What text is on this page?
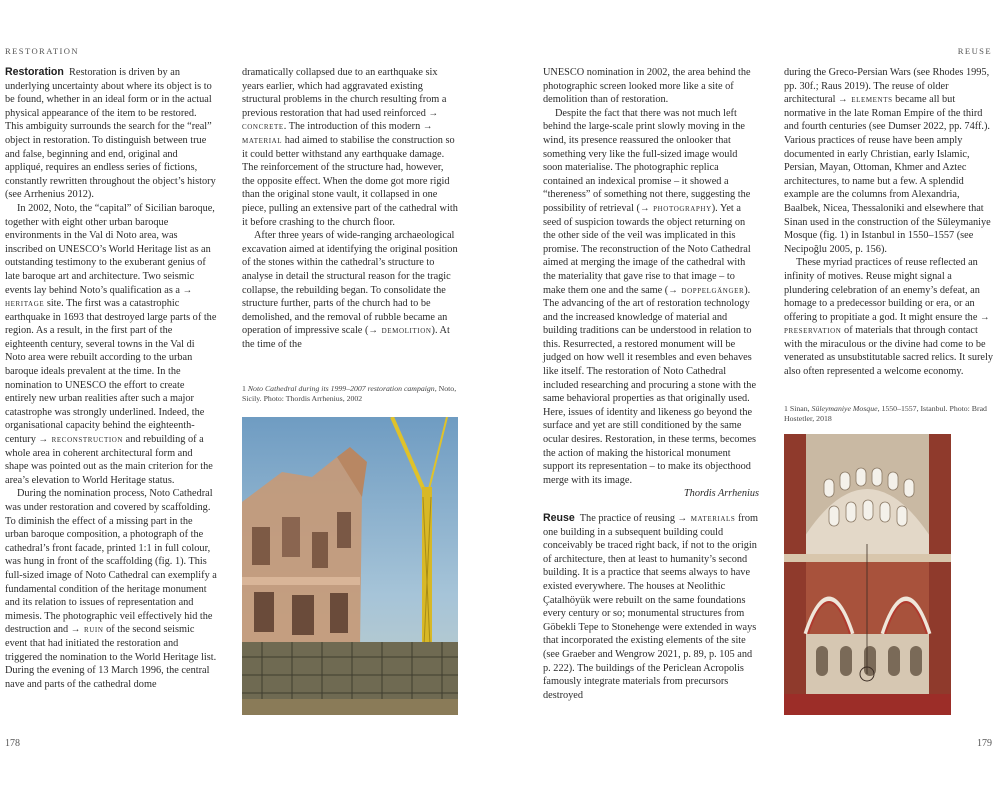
RESTORATION	REUSE

Restoration Restoration is driven by an underlying uncertainty about where its object is to be found, whether in an ideal form or in the actual physical appearance of the item to be restored. This ambiguity surrounds the search for the “real” object in restoration. To distinguish between true and false, beginning and end, original and appliqué, requires an endless series of fictions, constantly rewritten throughout the object’s history (see Arrhenius 2012).

In 2002, Noto, the “capital” of Sicilian baroque, together with eight other urban baroque environments in the Val di Noto area, was inscribed on UNESCO’s World Heritage list as an outstanding testimony to the exuberant genius of late baroque art and architecture. Two seismic events lay behind Noto’s qualification as a → heritage site. The first was a catastrophic earthquake in 1693 that destroyed large parts of the region. As a result, in the first part of the eighteenth century, several towns in the Val di Noto area were rebuilt according to the urban baroque ideals prevalent at the time. In the nomination to UNESCO the effort to create entirely new urban realities after such a major catastrophe was strongly underlined. Indeed, the organisational capacity behind the eighteenth-century → reconstruction and rebuilding of a whole area in coherent architectural form and shape was pointed out as the main criterion for the area’s elevation to World Heritage status.

During the nomination process, Noto Cathedral was under restoration and covered by scaffolding. To diminish the effect of a missing part in the urban baroque composition, a photograph of the cathedral’s front facade, printed 1:1 in full colour, was hung in front of the scaffolding (fig. 1). This full-sized image of Noto Cathedral can exemplify a fundamental condition of the heritage monument and its relation to issues of representation and mimesis. The photographic veil effectively hid the destruction and → ruin of the second seismic event that had initiated the restoration and triggered the nomination to the World Heritage list. During the evening of 13 March 1996, the central nave and parts of the cathedral dome

dramatically collapsed due to an earthquake six years earlier, which had aggravated existing structural problems in the church resulting from a previous restoration that had used reinforced → concrete. The introduction of this modern → material had aimed to stabilise the construction so it could better withstand any earthquake damage. The reinforcement of the structure had, however, the opposite effect. When the dome got more rigid than the original stone vault, it collapsed in one piece, pulling an extensive part of the cathedral with it before crashing to the church floor.

After three years of wide-ranging archaeological excavation aimed at identifying the original position of the stones within the cathedral’s structure to analyse in detail the structural reason for the tragic collapse, the rebuilding began. To consolidate the structure further, parts of the church had to be demolished, and the removal of rubble became an operation of impressive scale (→ demolition). At the time of the

1 Noto Cathedral during its 1999–2007 restoration campaign, Noto, Sicily. Photo: Thordis Arrhenius, 2002
178

UNESCO nomination in 2002, the area behind the photographic screen looked more like a site of demolition than of restoration.

Despite the fact that there was not much left behind the large-scale print slowly moving in the wind, its presence reassured the onlooker that something very like the full-sized image would soon materialise. The photographic replica contained an indexical promise – it showed a “thereness” of something not there, suggesting the possibility of retrieval (→ photography). Yet a seed of suspicion towards the object returning on the other side of the veil was implicated in this promise. The reconstruction of the Noto Cathedral aimed at merging the image of the cathedral with the materiality that gave rise to that image – to make them one and the same (→ doppelgänger). The advancing of the art of restoration technology and the increased knowledge of material and building traditions can be understood in relation to this. Resurrected, a restored monument will be judged on how well it resembles and even behaves like itself. The restoration of Noto Cathedral included researching and procuring a stone with the same behavioral properties as that originally used. Here, issues of identity and likeness go beyond the surface and yet are still conditioned by the same ocular desires. Restoration, in these terms, becomes the action of making the historical monument support its representation – to make its objecthood merge with its image.

Thordis Arrhenius

Reuse The practice of reusing → materials from one building in a subsequent building could conceivably be traced right back, if not to the origin of architecture, then at least to humanity’s second building. It is a practice that seems always to have existed everywhere. The houses at Neolithic Çatalhöyük were rebuilt on the same foundations every century or so; monumental structures from Göbekli Tepe to Stonehenge were extended in ways that incorporated the existing elements of the site (see Graeber and Wengrow 2021, p. 89, p. 105 and p. 222). The buildings of the Periclean Acropolis famously integrate materials from precursors destroyed

during the Greco-Persian Wars (see Rhodes 1995, pp. 30f.; Raus 2019). The reuse of older architectural → elements became all but normative in the late Roman Empire of the third and fourth centuries (see Dumser 2022, pp. 74ff.). Various practices of reuse have been amply documented in early Christian, early Islamic, Persian, Mayan, Ottoman, Khmer and Aztec architectures, to name but a few. A splendid example are the columns from Alexandria, Baalbek, Nicea, Thessaloniki and elsewhere that Sinan used in the construction of the Süleymaniye Mosque (fig. 1) in Istanbul in 1550–1557 (see Necipoğlu 2005, p. 156).

These myriad practices of reuse reflected an infinity of motives. Reuse might signal a plundering celebration of an enemy’s defeat, an homage to a predecessor building or era, or an offering to propitiate a god. It might ensure the → preservation of materials that through contact with the miraculous or the divine had come to be venerated as unsubstitutable sacred relics. It surely also often represented a welcome economy.

1 Sinan, Süleymaniye Mosque, 1550–1557, Istanbul. Photo: Brad Hostetler, 2018
179
